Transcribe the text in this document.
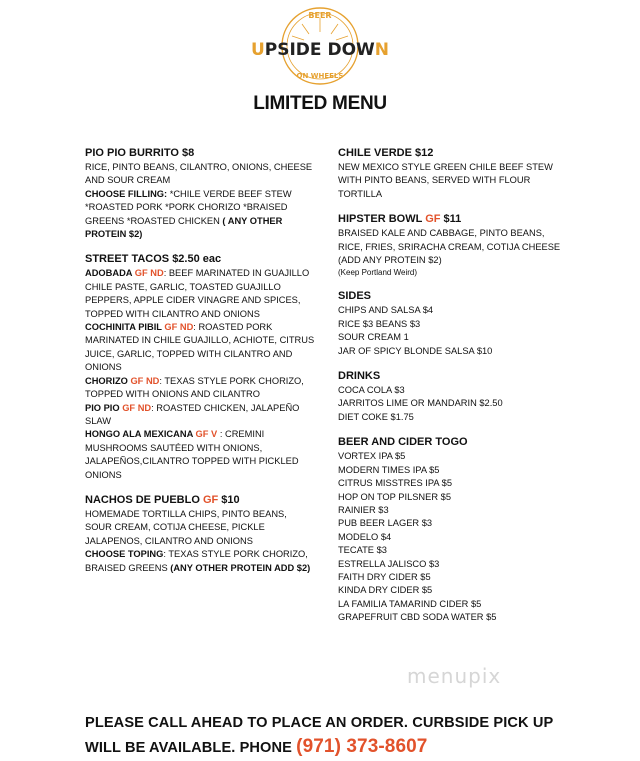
BEER
UPSIDE DOWN
ON WHEELS
LIMITED MENU
PIO PIO BURRITO $8
RICE, PINTO BEANS, CILANTRO, ONIONS, CHEESE AND SOUR CREAM
CHOOSE FILLING: *CHILE VERDE BEEF STEW *ROASTED PORK *PORK CHORIZO *BRAISED GREENS *ROASTED CHICKEN ( ANY OTHER PROTEIN $2)
STREET TACOS $2.50 eac
ADOBADA GF ND: BEEF MARINATED IN GUAJILLO CHILE PASTE, GARLIC, TOASTED GUAJILLO PEPPERS, APPLE CIDER VINAGRE AND SPICES, TOPPED WITH CILANTRO AND ONIONS
COCHINITA PIBIL GF ND: ROASTED PORK MARINATED IN CHILE GUAJILLO, ACHIOTE, CITRUS JUICE, GARLIC, TOPPED WITH CILANTRO AND ONIONS
CHORIZO GF ND: TEXAS STYLE PORK CHORIZO, TOPPED WITH ONIONS AND CILANTRO
PIO PIO GF ND: ROASTED CHICKEN, JALAPEÑO SLAW
HONGO ALA MEXICANA GF V : CREMINI MUSHROOMS SAUTÉED WITH ONIONS, JALAPEÑOS,CILANTRO TOPPED WITH PICKLED ONIONS
NACHOS DE PUEBLO GF $10
HOMEMADE TORTILLA CHIPS, PINTO BEANS, SOUR CREAM, COTIJA CHEESE, PICKLE JALAPENOS, CILANTRO AND ONIONS
CHOOSE TOPING: TEXAS STYLE PORK CHORIZO, BRAISED GREENS (ANY OTHER PROTEIN ADD $2)
CHILE VERDE $12
NEW MEXICO STYLE GREEN CHILE BEEF STEW WITH PINTO BEANS, SERVED WITH FLOUR TORTILLA
HIPSTER BOWL GF $11
BRAISED KALE AND CABBAGE, PINTO BEANS, RICE, FRIES, SRIRACHA CREAM, COTIJA CHEESE (ADD ANY PROTEIN $2)
(Keep Portland Weird)
SIDES
CHIPS AND SALSA $4
RICE $3 BEANS $3
SOUR CREAM 1
JAR OF SPICY BLONDE SALSA $10
DRINKS
COCA COLA $3
JARRITOS LIME OR MANDARIN $2.50
DIET COKE $1.75
BEER AND CIDER TOGO
VORTEX IPA $5
MODERN TIMES IPA $5
CITRUS MISSTRES IPA $5
HOP ON TOP PILSNER $5
RAINIER $3
PUB BEER LAGER $3
MODELO $4
TECATE $3
ESTRELLA JALISCO $3
FAITH DRY CIDER $5
KINDA DRY CIDER $5
LA FAMILIA TAMARIND CIDER $5
GRAPEFRUIT CBD SODA WATER $5
menupix
PLEASE CALL AHEAD TO PLACE AN ORDER. CURBSIDE PICK UP
WILL BE AVAILABLE. PHONE (971) 373-8607
